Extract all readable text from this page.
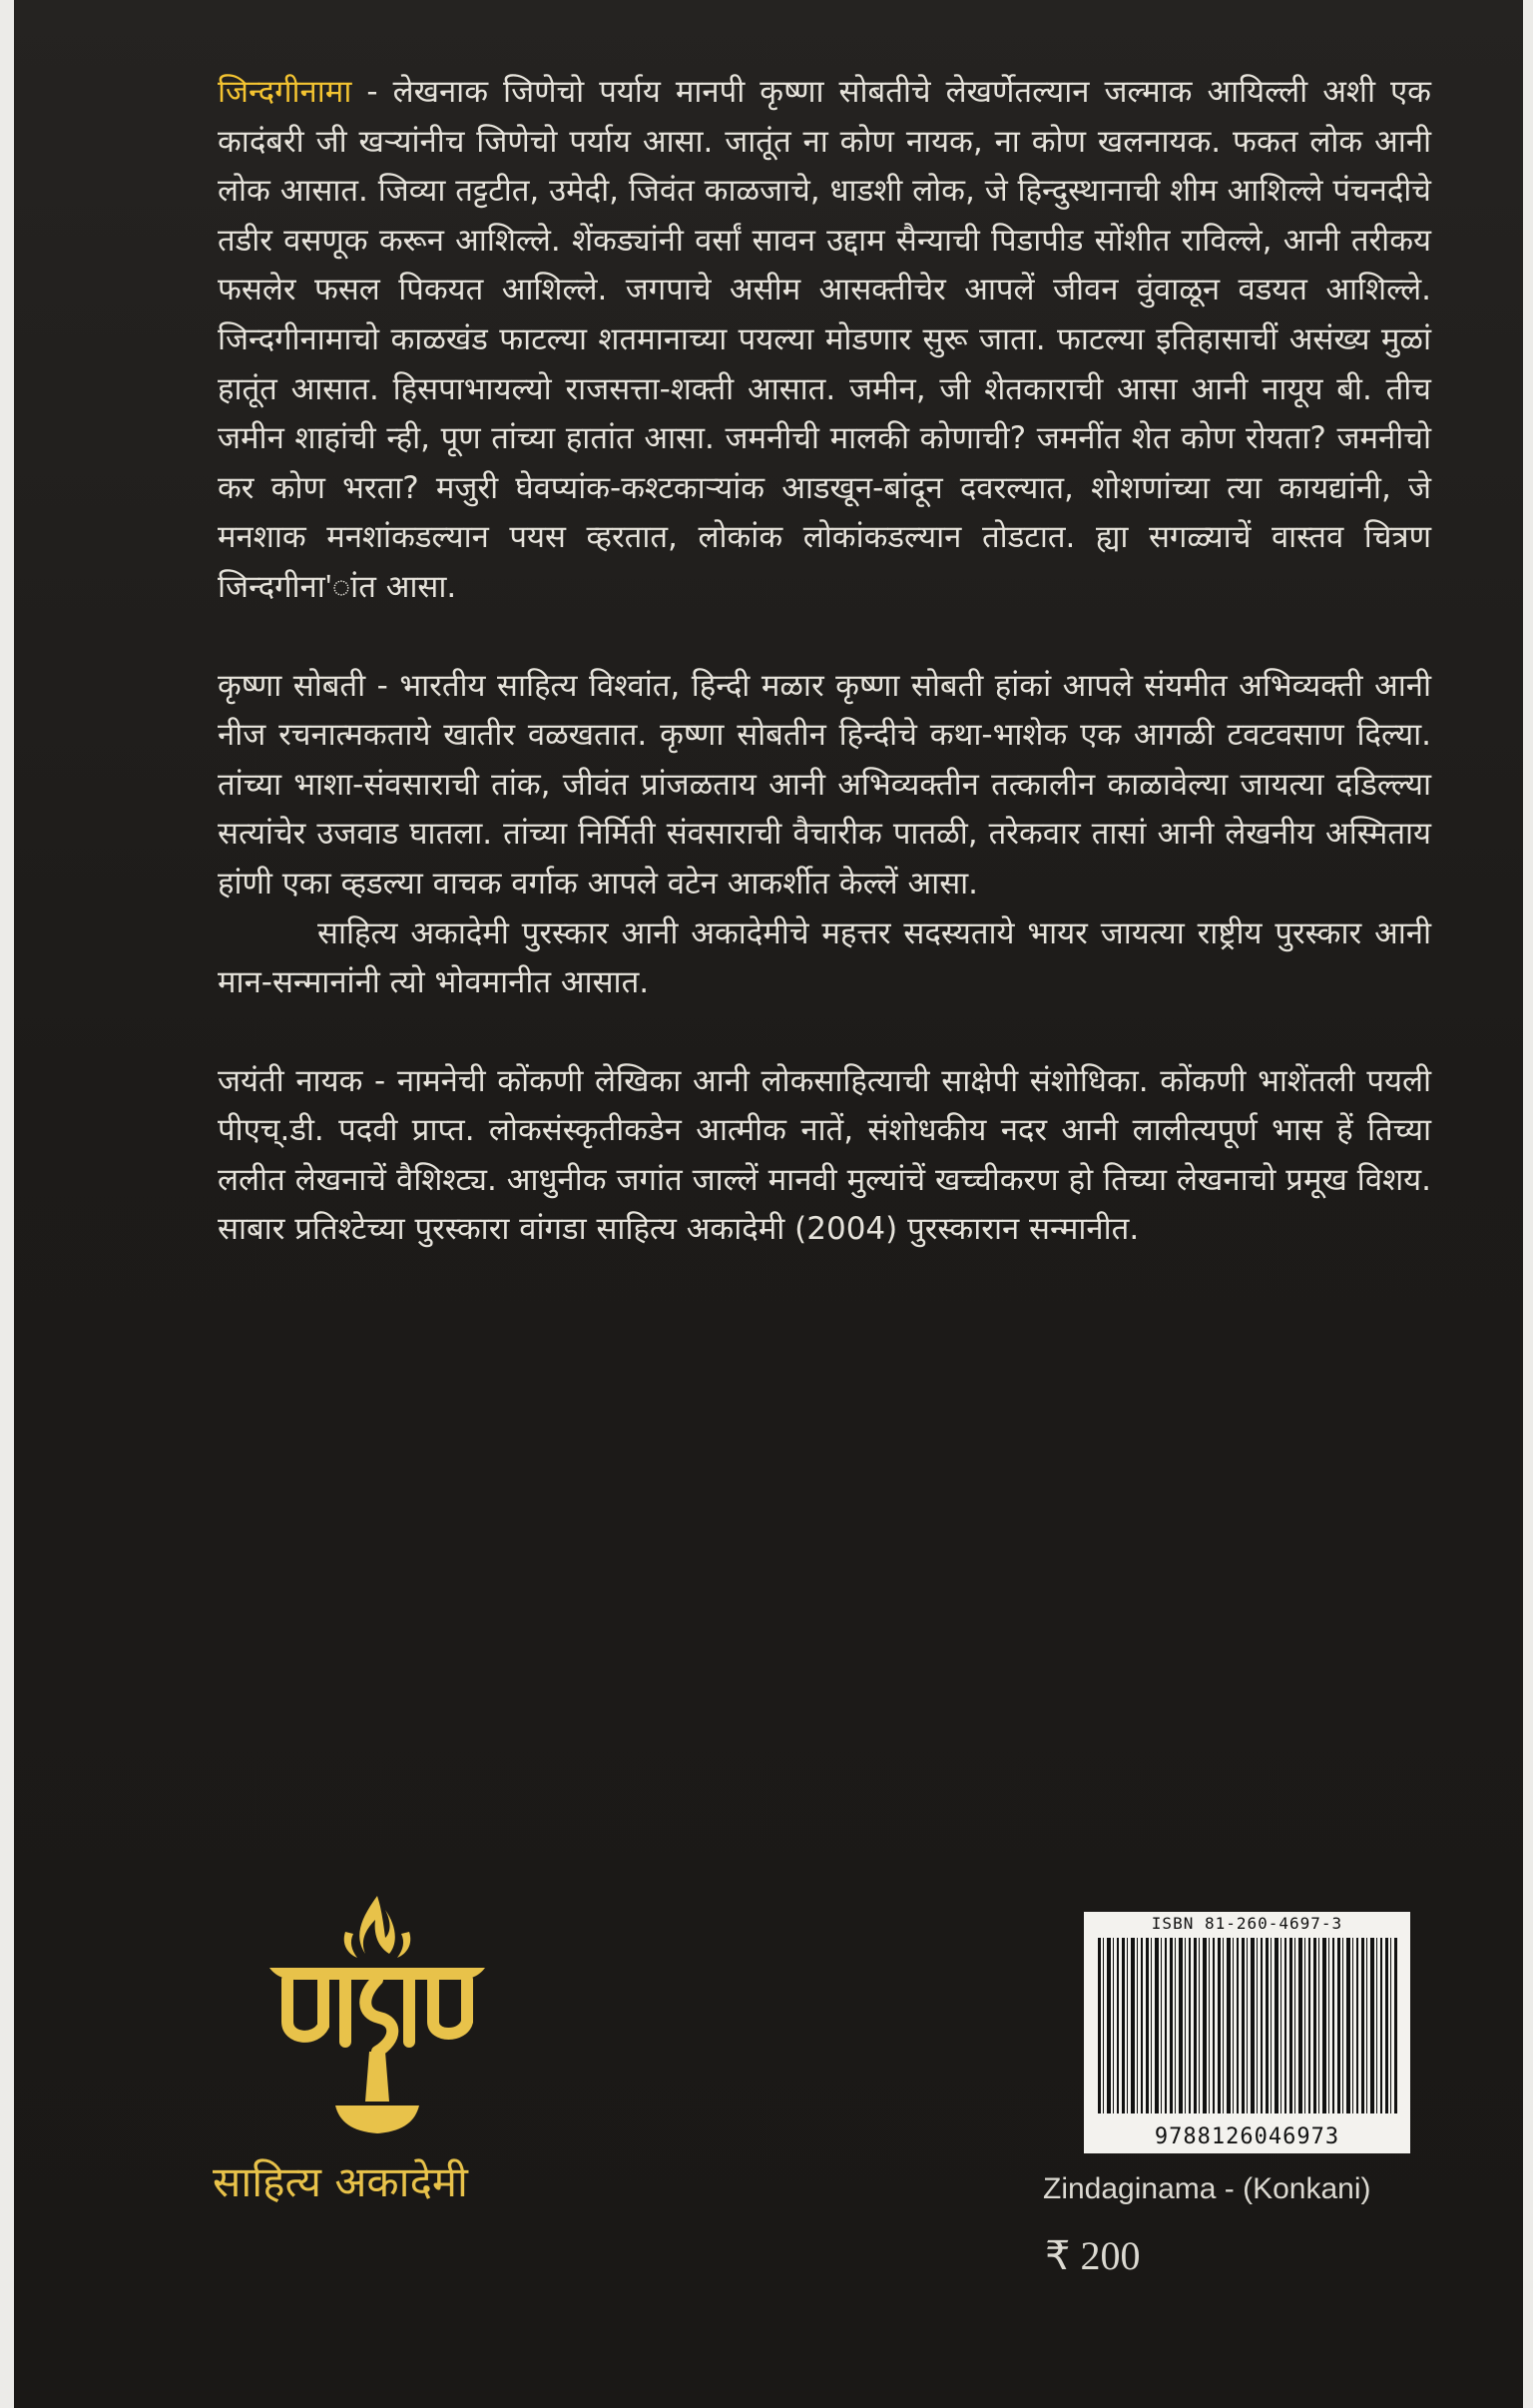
जिन्दगीनामा - लेखनाक जिणेचो पर्याय मानपी कृष्णा सोबतीचे लेखर्णेतल्यान जल्माक आयिल्ली अशी एक कादंबरी जी खऱ्यांनीच जिणेचो पर्याय आसा. जातूंत ना कोण नायक, ना कोण खलनायक. फकत लोक आनी लोक आसात. जिव्या तट्टटीत, उमेदी, जिवंत काळजाचे, धाडशी लोक, जे हिन्दुस्थानाची शीम आशिल्ले पंचनदीचे तडीर वसणूक करून आशिल्ले. शेंकड्यांनी वर्सां सावन उद्दाम सैन्याची पिडापीड सोंशीत राविल्ले, आनी तरीकय फसलेर फसल पिकयत आशिल्ले. जगपाचे असीम आसक्तीचेर आपलें जीवन वुंवाळून वडयत आशिल्ले. जिन्दगीनामाचो काळखंड फाटल्या शतमानाच्या पयल्या मोडणार सुरू जाता. फाटल्या इतिहासाचीं असंख्य मुळां हातूंत आसात. हिसपाभायल्यो राजसत्ता-शक्ती आसात. जमीन, जी शेतकाराची आसा आनी नायूय बी. तीच जमीन शाहांची न्ही, पूण तांच्या हातांत आसा. जमनीची मालकी कोणाची? जमनींत शेत कोण रोयता? जमनीचो कर कोण भरता? मजुरी घेवप्यांक-कश्टकाऱ्यांक आडखून-बांदून दवरल्यात, शोशणांच्या त्या कायद्यांनी, जे मनशाक मनशांकडल्यान पयस व्हरतात, लोकांक लोकांकडल्यान तोडटात. ह्या सगळ्याचें वास्तव चित्रण जिन्दगीना'ांत आसा.

कृष्णा सोबती - भारतीय साहित्य विश्वांत, हिन्दी मळार कृष्णा सोबती हांकां आपले संयमीत अभिव्यक्ती आनी नीज रचनात्मकताये खातीर वळखतात. कृष्णा सोबतीन हिन्दीचे कथा-भाशेक एक आगळी टवटवसाण दिल्या. तांच्या भाशा-संवसाराची तांक, जीवंत प्रांजळताय आनी अभिव्यक्तीन तत्कालीन काळावेल्या जायत्या दडिल्ल्या सत्यांचेर उजवाड घातला. तांच्या निर्मिती संवसाराची वैचारीक पातळी, तरेकवार तासां आनी लेखनीय अस्मिताय हांणी एका व्हडल्या वाचक वर्गाक आपले वटेन आकर्शीत केल्लें आसा.

साहित्य अकादेमी पुरस्कार आनी अकादेमीचे महत्तर सदस्यताये भायर जायत्या राष्ट्रीय पुरस्कार आनी मान-सन्मानांनी त्यो भोवमानीत आसात.

जयंती नायक - नामनेची कोंकणी लेखिका आनी लोकसाहित्याची साक्षेपी संशोधिका. कोंकणी भाशेंतली पयली पीएच्.डी. पदवी प्राप्त. लोकसंस्कृतीकडेन आत्मीक नातें, संशोधकीय नदर आनी लालीत्यपूर्ण भास हें तिच्या ललीत लेखनाचें वैशिश्ट्य. आधुनीक जगांत जाल्लें मानवी मुल्यांचें खच्चीकरण हो तिच्या लेखनाचो प्रमूख विशय. साबार प्रतिश्टेच्या पुरस्कारा वांगडा साहित्य अकादेमी (2004) पुरस्कारान सन्मानीत.

ISBN 81-260-4697-3
9788126046973
साहित्य अकादेमी	Zindaginama - (Konkani)
₹ 200
